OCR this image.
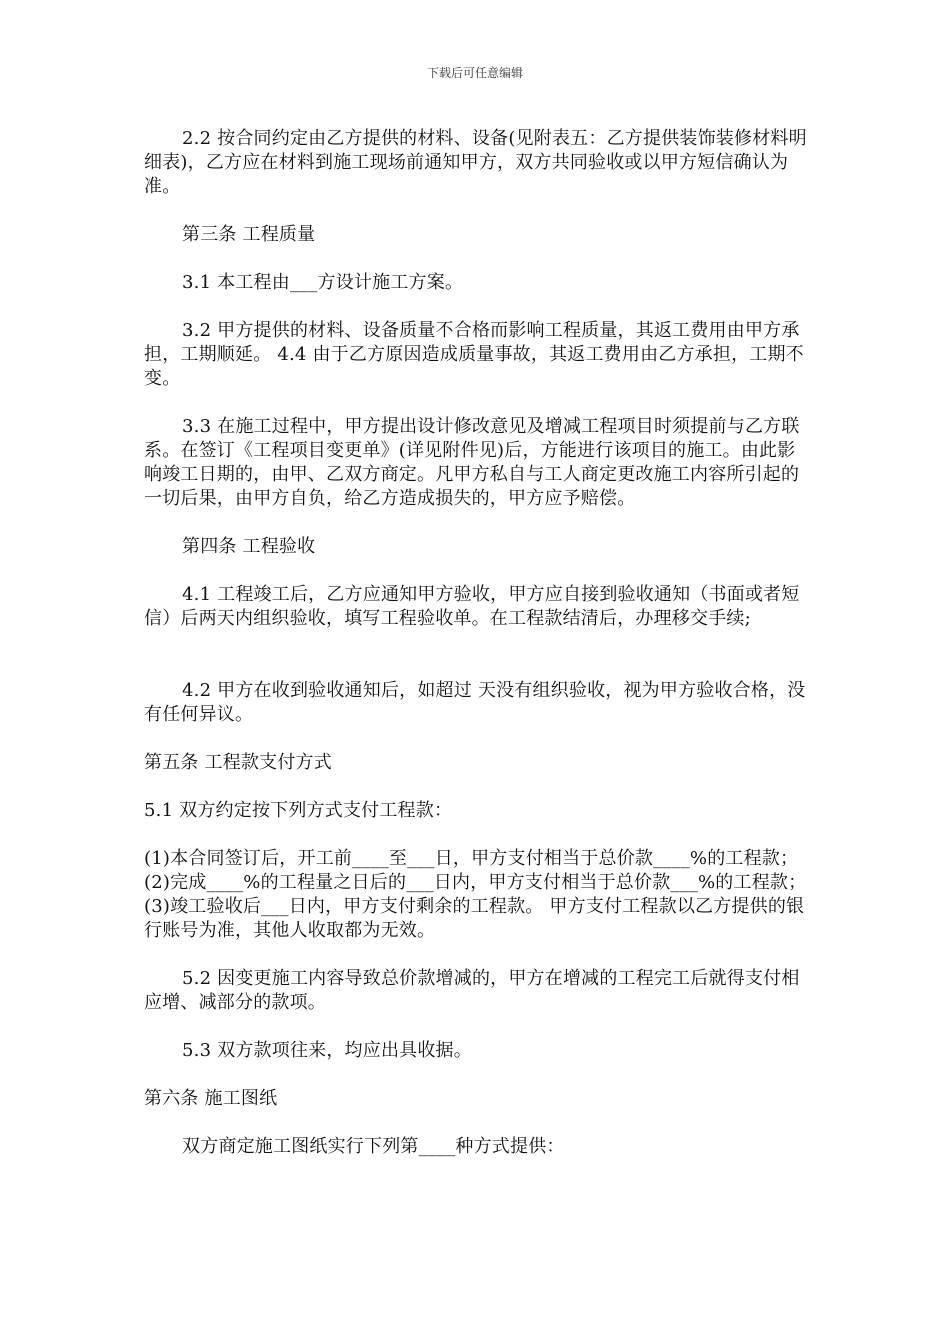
下载后可任意编辑

2.2 按合同约定由乙方提供的材料、设备(见附表五：乙方提供装饰装修材料明细表)，乙方应在材料到施工现场前通知甲方，双方共同验收或以甲方短信确认为准。

第三条 工程质量

3.1 本工程由___方设计施工方案。

3.2 甲方提供的材料、设备质量不合格而影响工程质量，其返工费用由甲方承担，工期顺延。 4.4 由于乙方原因造成质量事故，其返工费用由乙方承担，工期不变。

3.3 在施工过程中，甲方提出设计修改意见及增减工程项目时须提前与乙方联系。在签订《工程项目变更单》(详见附件见)后，方能进行该项目的施工。由此影响竣工日期的，由甲、乙双方商定。凡甲方私自与工人商定更改施工内容所引起的一切后果，由甲方自负，给乙方造成损失的，甲方应予赔偿。

第四条 工程验收

4.1 工程竣工后，乙方应通知甲方验收，甲方应自接到验收通知（书面或者短信）后两天内组织验收，填写工程验收单。在工程款结清后，办理移交手续;

4.2 甲方在收到验收通知后，如超过 天没有组织验收，视为甲方验收合格，没有任何异议。

第五条 工程款支付方式

5.1 双方约定按下列方式支付工程款：

(1)本合同签订后，开工前____至___日，甲方支付相当于总价款____%的工程款；(2)完成____%的工程量之日后的___日内，甲方支付相当于总价款___%的工程款；(3)竣工验收后___日内，甲方支付剩余的工程款。 甲方支付工程款以乙方提供的银行账号为准，其他人收取都为无效。

5.2 因变更施工内容导致总价款增减的，甲方在增减的工程完工后就得支付相应增、减部分的款项。

5.3 双方款项往来，均应出具收据。

第六条 施工图纸

双方商定施工图纸实行下列第____种方式提供：
